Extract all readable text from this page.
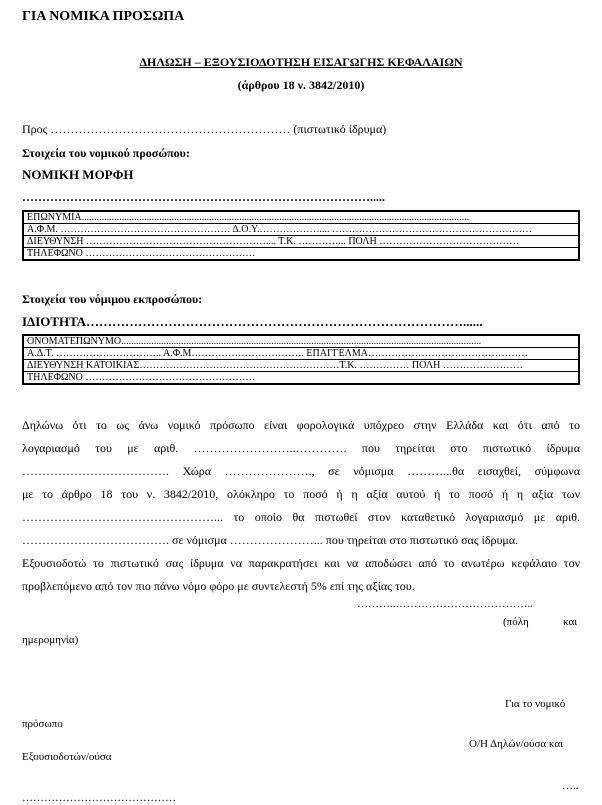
ΓΙΑ ΝΟΜΙΚΑ ΠΡΟΣΩΠΑ
ΔΗΛΩΣΗ – ΕΞΟΥΣΙΟΔΟΤΗΣΗ ΕΙΣΑΓΩΓΗΣ ΚΕΦΑΛΑΙΩΝ
(άρθρου 18 ν. 3842/2010)
Προς …………………………………………………… (πιστωτικό ίδρυμα)
Στοιχεία του νομικού προσώπου:
ΝΟΜΙΚΗ ΜΟΡΦΗ
…………………………………………………………………………….....
ΕΠΩΝΥΜΙΑ...........................................................................................................................................................
Α.Φ.Μ. …………………………………………… Δ.Ο.Υ.……………….... ……………………………………………………
ΔΙΕΥΘΥΝΣΗ ……………………………………………….... Τ.Κ. …………... ΠΟΛΗ ……………………………………
ΤΗΛΕΦΩΝΟ ……………………………………………
Στοιχεία του νόμιμου εκπροσώπου:
ΙΔΙΟΤΗΤΑ……………………………………………………………………………......
ΟΝΟΜΑΤΕΠΩΝΥΜΟ................................................................................................................................................
Α.Δ.Τ. ………………………….. Α.Φ.Μ……………………………. ΕΠΑΓΓΕΛΜΑ…………………………………………
ΔΙΕΥΘΥΝΣΗ ΚΑΤΟΙΚΙΑΣ……………………………………………………Τ.Κ. …………… ΠΟΛΗ ……………………
ΤΗΛΕΦΩΝΟ ……………………………………………
Δηλώνω ότι το ως άνω νομικό πρόσωπο είναι φορολογικά υπόχρεο στην Ελλάδα και ότι από το
λογαριασμό του με αριθ. ……………………..…………. που τηρείται στο πιστωτικό ίδρυμα
………………………………. Χώρα …………………., σε νόμισμα ………...θα εισαχθεί, σύμφωνα
με το άρθρο 18 του ν. 3842/2010, ολόκληρο το ποσό ή η αξία αυτού ή το ποσό ή η αξία των
…………………………………………... το οποίο θα πιστωθεί στον καταθετικό λογαριασμό με αριθ.
………………………………. σε νόμισμα …………………... που τηρείται στο πιστωτικό σας ίδρυμα.
Εξουσιοδοτώ το πιστωτικό σας ίδρυμα να παρακρατήσει και να αποδώσει από το ανωτέρω κεφάλαιο τον
προβλεπόμενο από τον πιο πάνω νόμο φόρο με συντελεστή 5% επί της αξίας του.
………..………………………………..
(πόλη	και
ημερομηνία)
Για το νομικό
πρόσωπο
Ο/Η Δηλών/ούσα και
Εξουσιοδοτών/ούσα
…..
……………………………………
